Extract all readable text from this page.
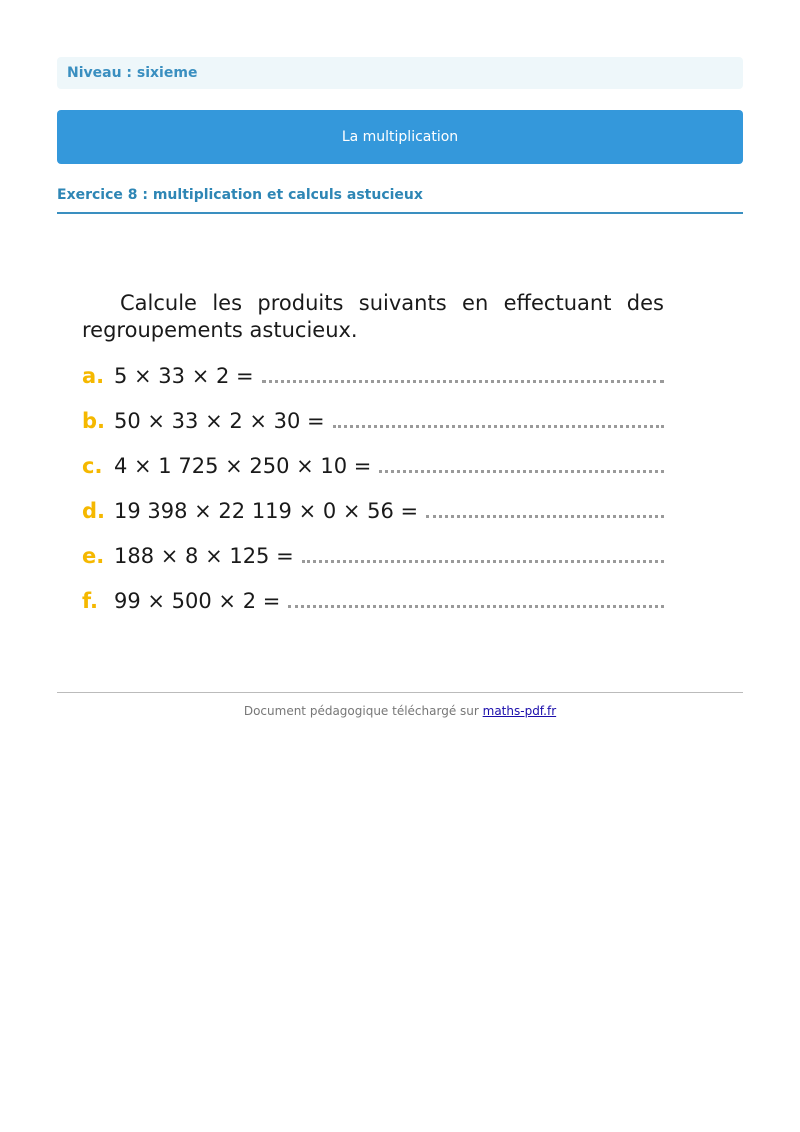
Niveau : sixieme
La multiplication
Exercice 8 : multiplication et calculs astucieux

Calcule les produits suivants en effectuant des regroupements astucieux.

a. 5 × 33 × 2 =
b. 50 × 33 × 2 × 30 =
c. 4 × 1 725 × 250 × 10 =
d. 19 398 × 22 119 × 0 × 56 =
e. 188 × 8 × 125 =
f. 99 × 500 × 2 =
Document pédagogique téléchargé sur maths-pdf.fr
